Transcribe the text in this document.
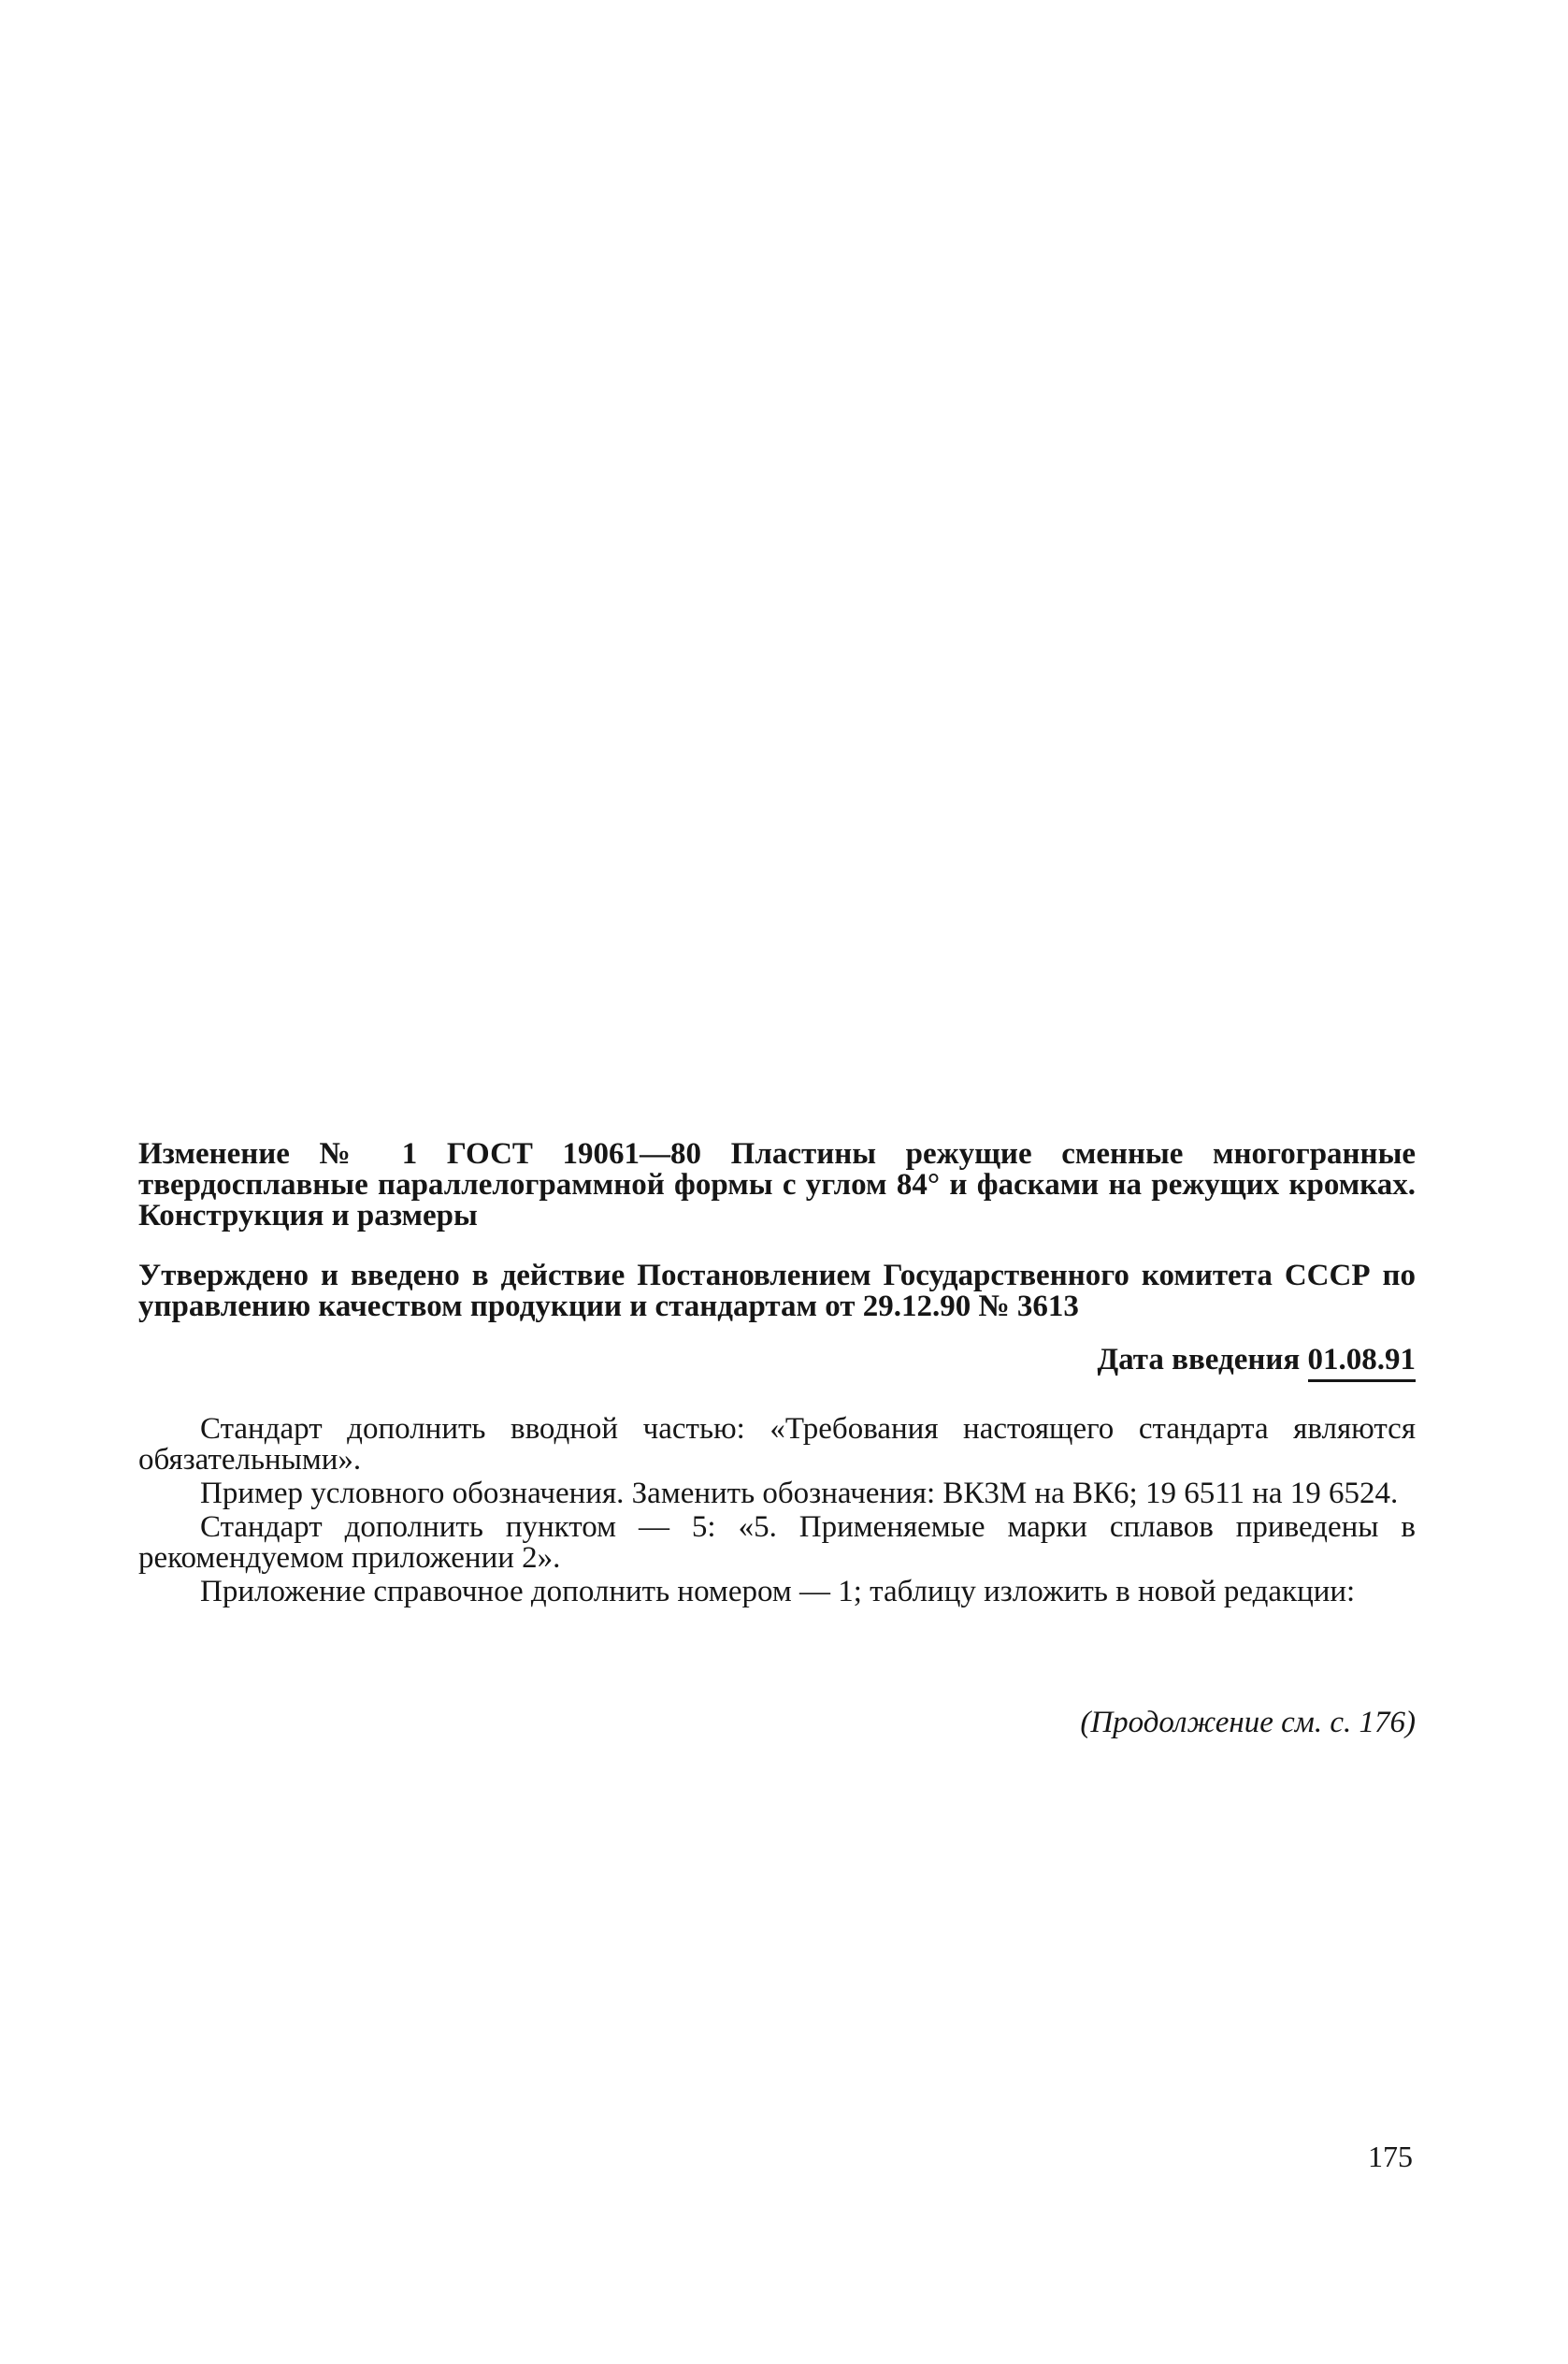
Изменение № 1 ГОСТ 19061—80 Пластины режущие сменные многогранные твердосплавные параллелограммной формы с углом 84° и фасками на режущих кромках. Конструкция и размеры

Утверждено и введено в действие Постановлением Государственного комитета СССР по управлению качеством продукции и стандартам от 29.12.90 № 3613

Дата введения 01.08.91

Стандарт дополнить вводной частью: «Требования настоящего стандарта являются обязательными».

Пример условного обозначения. Заменить обозначения: ВК3М на ВК6; 19 6511 на 19 6524.

Стандарт дополнить пунктом — 5: «5. Применяемые марки сплавов приведены в рекомендуемом приложении 2».

Приложение справочное дополнить номером — 1; таблицу изложить в новой редакции:

(Продолжение см. с. 176)
175
